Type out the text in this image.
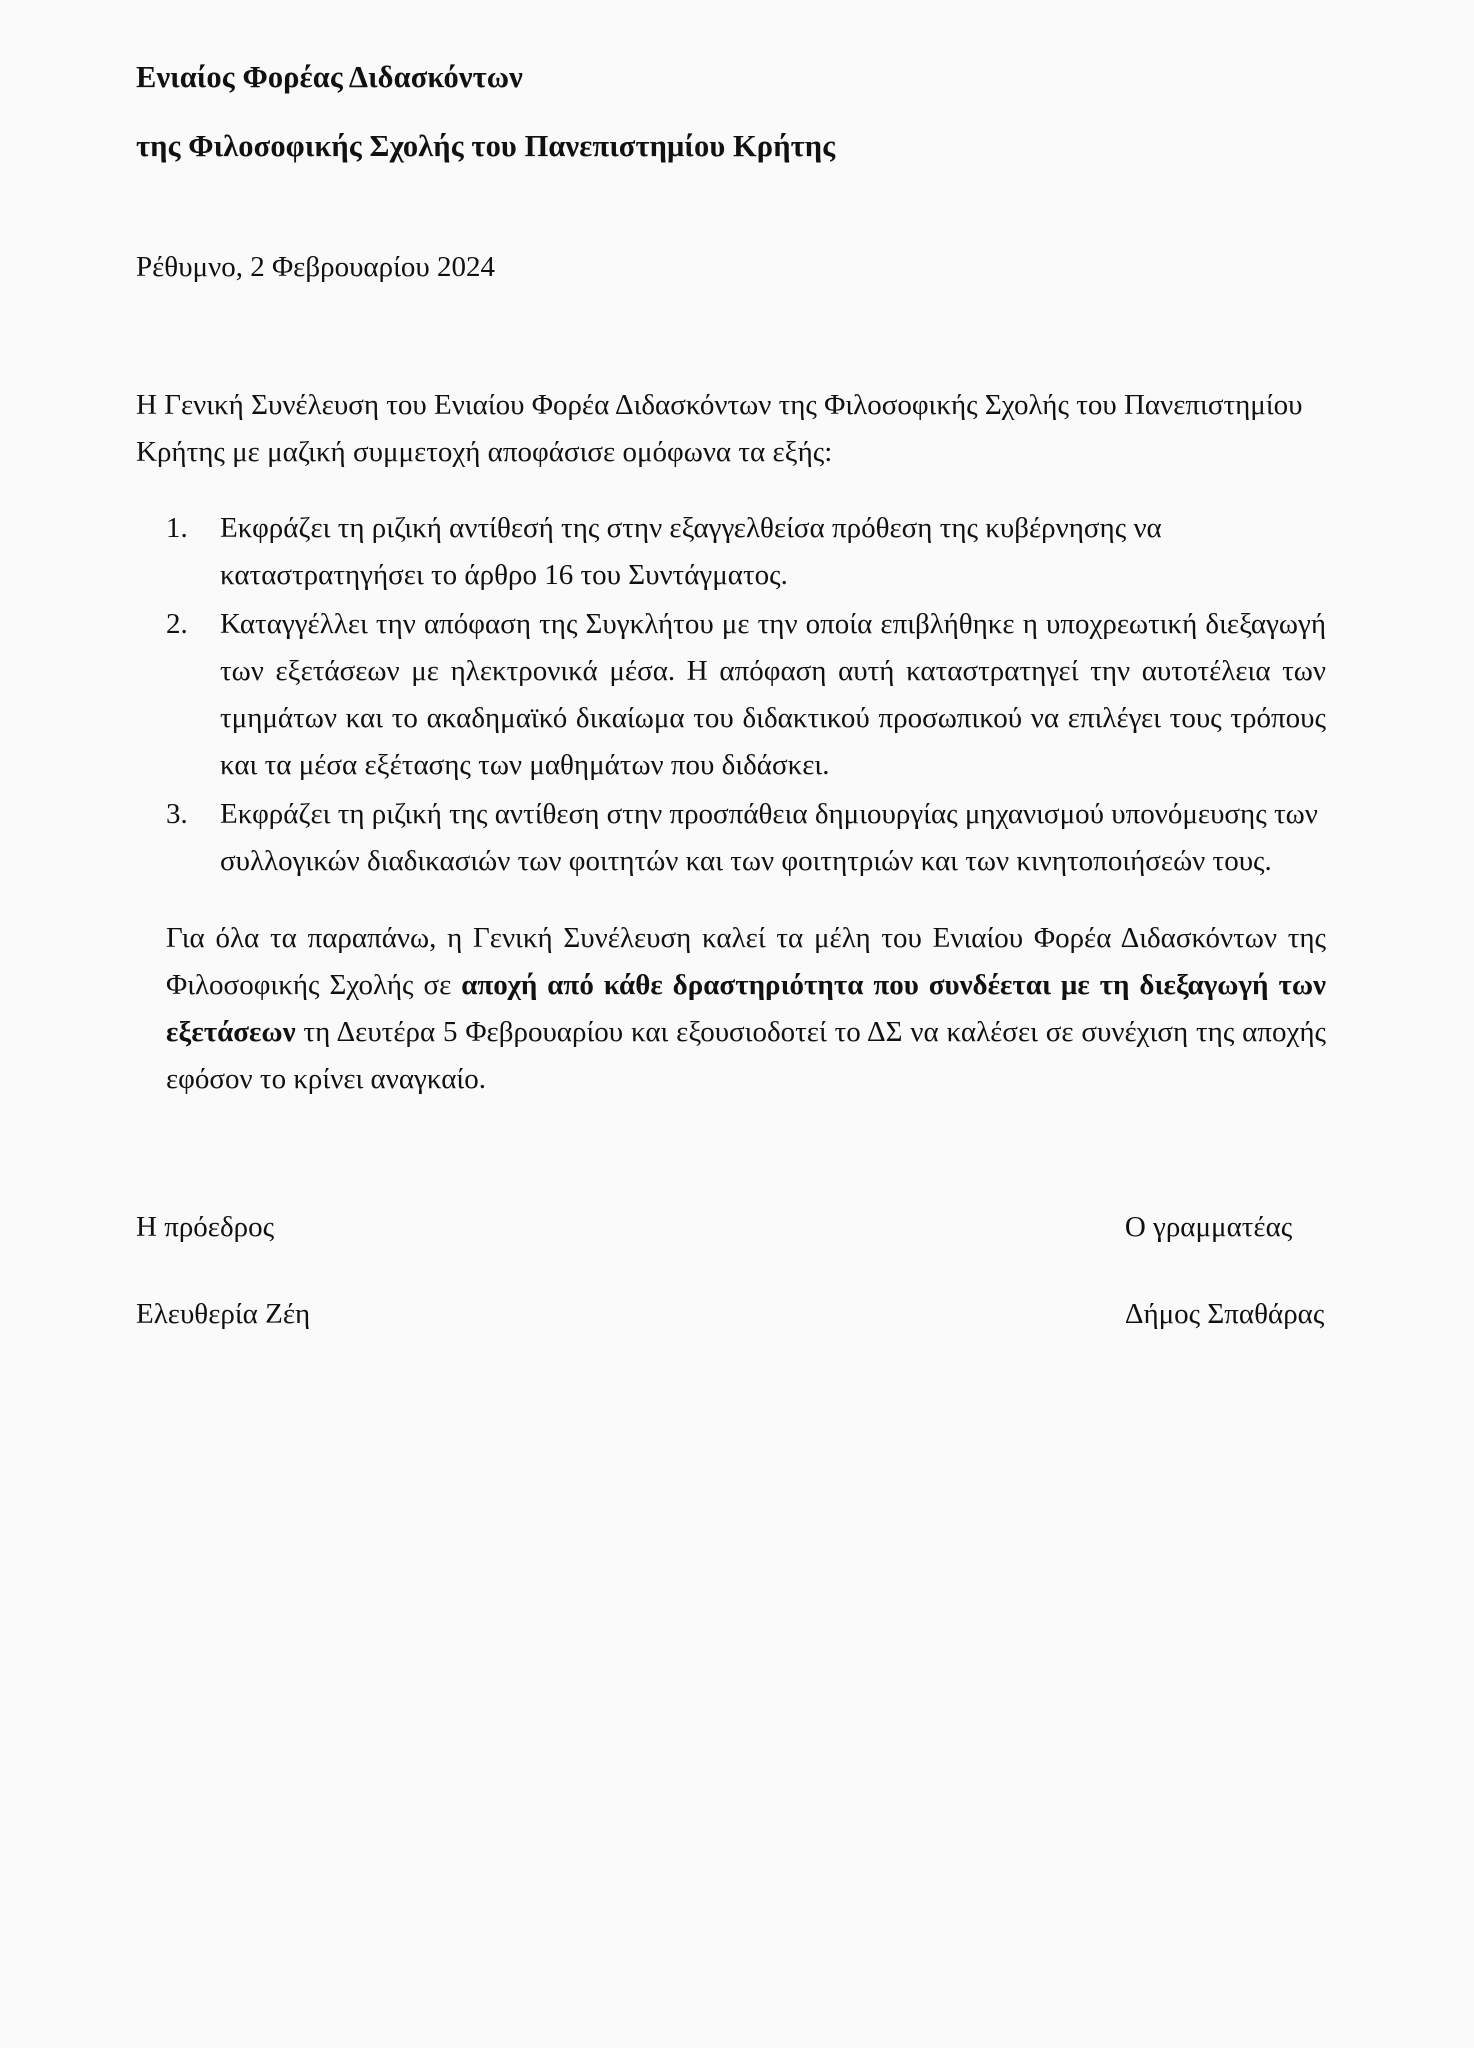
Ενιαίος Φορέας Διδασκόντων
της Φιλοσοφικής Σχολής του Πανεπιστημίου Κρήτης
Ρέθυμνο, 2 Φεβρουαρίου 2024

Η Γενική Συνέλευση του Ενιαίου Φορέα Διδασκόντων της Φιλοσοφικής Σχολής του Πανεπιστημίου Κρήτης με μαζική συμμετοχή αποφάσισε ομόφωνα τα εξής:

1.	Εκφράζει τη ριζική αντίθεσή της στην εξαγγελθείσα πρόθεση της κυβέρνησης να καταστρατηγήσει το άρθρο 16 του Συντάγματος.
2.	Καταγγέλλει την απόφαση της Συγκλήτου με την οποία επιβλήθηκε η υποχρεωτική διεξαγωγή των εξετάσεων με ηλεκτρονικά μέσα. Η απόφαση αυτή καταστρατηγεί την αυτοτέλεια των τμημάτων και το ακαδημαϊκό δικαίωμα του διδακτικού προσωπικού να επιλέγει τους τρόπους και τα μέσα εξέτασης των μαθημάτων που διδάσκει.
3.	Εκφράζει τη ριζική της αντίθεση στην προσπάθεια δημιουργίας μηχανισμού υπονόμευσης των συλλογικών διαδικασιών των φοιτητών και των φοιτητριών και των κινητοποιήσεών τους.

Για όλα τα παραπάνω, η Γενική Συνέλευση καλεί τα μέλη του Ενιαίου Φορέα Διδασκόντων της Φιλοσοφικής Σχολής σε αποχή από κάθε δραστηριότητα που συνδέεται με τη διεξαγωγή των εξετάσεων τη Δευτέρα 5 Φεβρουαρίου και εξουσιοδοτεί το ΔΣ να καλέσει σε συνέχιση της αποχής εφόσον το κρίνει αναγκαίο.

Η πρόεδρος
Ελευθερία Ζέη
Ο γραμματέας
Δήμος Σπαθάρας
